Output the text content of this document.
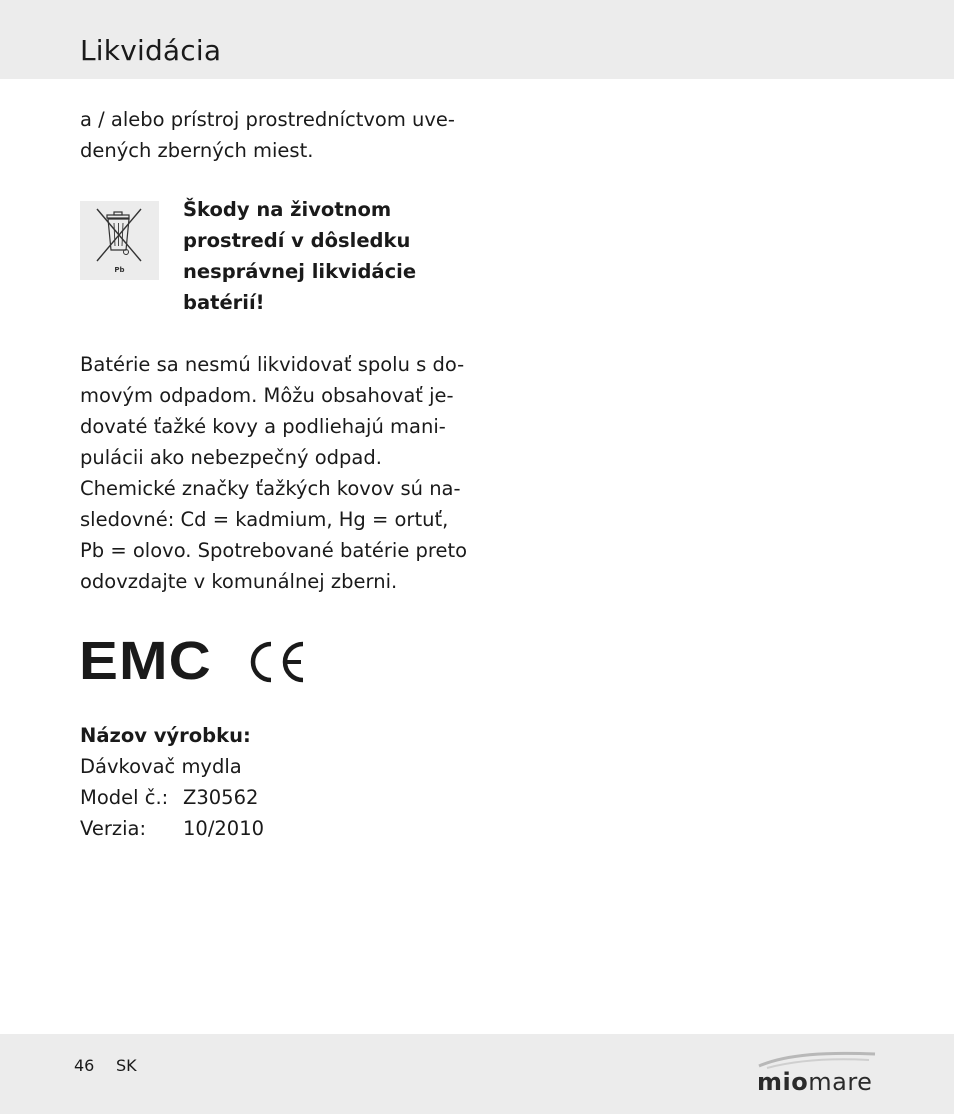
Likvidácia
a / alebo prístroj prostredníctvom uve-
dených zberných miest.
Pb
Škody na životnom
prostredí v dôsledku
nesprávnej likvidácie
batérií!
Batérie sa nesmú likvidovať spolu s do-
movým odpadom. Môžu obsahovať je-
dovaté ťažké kovy a podliehajú mani-
pulácii ako nebezpečný odpad.
Chemické značky ťažkých kovov sú na-
sledovné: Cd = kadmium, Hg = ortuť,
Pb = olovo. Spotrebované batérie preto
odovzdajte v komunálnej zberni.
EMC
Názov výrobku:
Dávkovač mydla
Model č.: Z30562
Verzia: 10/2010
46 SK
miomare
